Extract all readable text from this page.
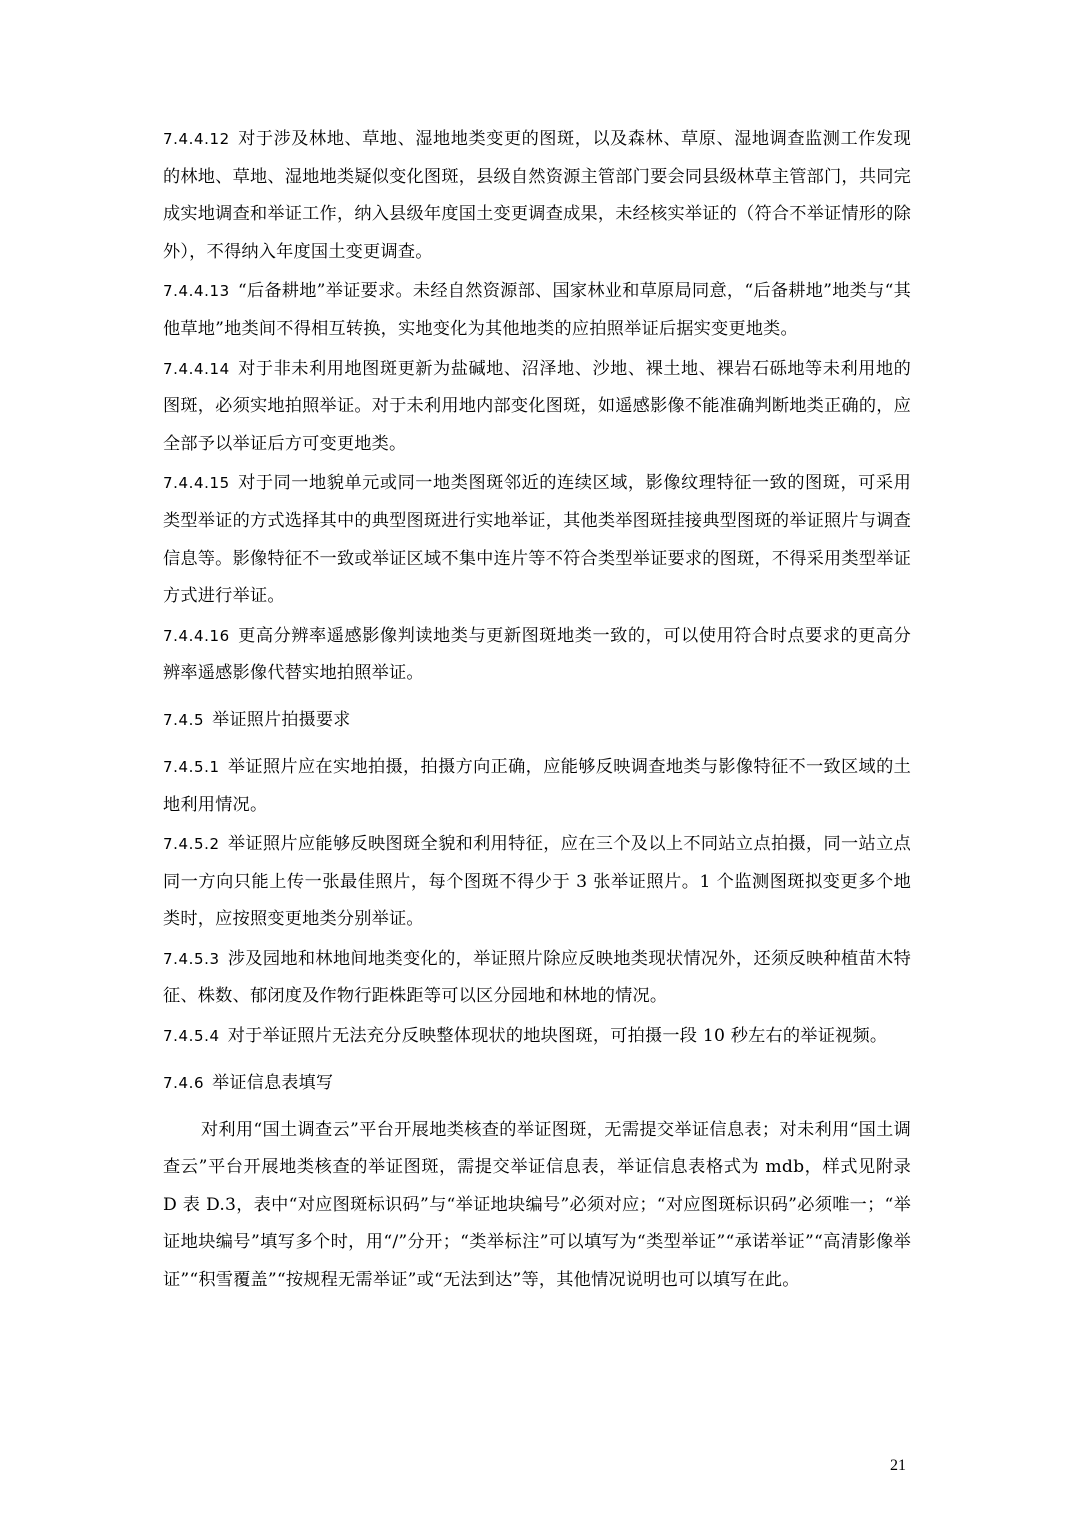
7.4.4.12 对于涉及林地、草地、湿地地类变更的图斑，以及森林、草原、湿地调查监测工作发现的林地、草地、湿地地类疑似变化图斑，县级自然资源主管部门要会同县级林草主管部门，共同完成实地调查和举证工作，纳入县级年度国土变更调查成果，未经核实举证的（符合不举证情形的除外），不得纳入年度国土变更调查。

7.4.4.13 “后备耕地”举证要求。未经自然资源部、国家林业和草原局同意，“后备耕地”地类与“其他草地”地类间不得相互转换，实地变化为其他地类的应拍照举证后据实变更地类。

7.4.4.14 对于非未利用地图斑更新为盐碱地、沼泽地、沙地、裸土地、裸岩石砾地等未利用地的图斑，必须实地拍照举证。对于未利用地内部变化图斑，如遥感影像不能准确判断地类正确的，应全部予以举证后方可变更地类。

7.4.4.15 对于同一地貌单元或同一地类图斑邻近的连续区域，影像纹理特征一致的图斑，可采用类型举证的方式选择其中的典型图斑进行实地举证，其他类举图斑挂接典型图斑的举证照片与调查信息等。影像特征不一致或举证区域不集中连片等不符合类型举证要求的图斑，不得采用类型举证方式进行举证。

7.4.4.16 更高分辨率遥感影像判读地类与更新图斑地类一致的，可以使用符合时点要求的更高分辨率遥感影像代替实地拍照举证。

7.4.5 举证照片拍摄要求

7.4.5.1 举证照片应在实地拍摄，拍摄方向正确，应能够反映调查地类与影像特征不一致区域的土地利用情况。

7.4.5.2 举证照片应能够反映图斑全貌和利用特征，应在三个及以上不同站立点拍摄，同一站立点同一方向只能上传一张最佳照片，每个图斑不得少于 3 张举证照片。1 个监测图斑拟变更多个地类时，应按照变更地类分别举证。

7.4.5.3 涉及园地和林地间地类变化的，举证照片除应反映地类现状情况外，还须反映种植苗木特征、株数、郁闭度及作物行距株距等可以区分园地和林地的情况。

7.4.5.4 对于举证照片无法充分反映整体现状的地块图斑，可拍摄一段 10 秒左右的举证视频。

7.4.6 举证信息表填写

对利用“国土调查云”平台开展地类核查的举证图斑，无需提交举证信息表；对未利用“国土调查云”平台开展地类核查的举证图斑，需提交举证信息表，举证信息表格式为 mdb，样式见附录 D 表 D.3，表中“对应图斑标识码”与“举证地块编号”必须对应；“对应图斑标识码”必须唯一；“举证地块编号”填写多个时，用“/”分开；“类举标注”可以填写为“类型举证”“承诺举证”“高清影像举证”“积雪覆盖”“按规程无需举证”或“无法到达”等，其他情况说明也可以填写在此。

21
